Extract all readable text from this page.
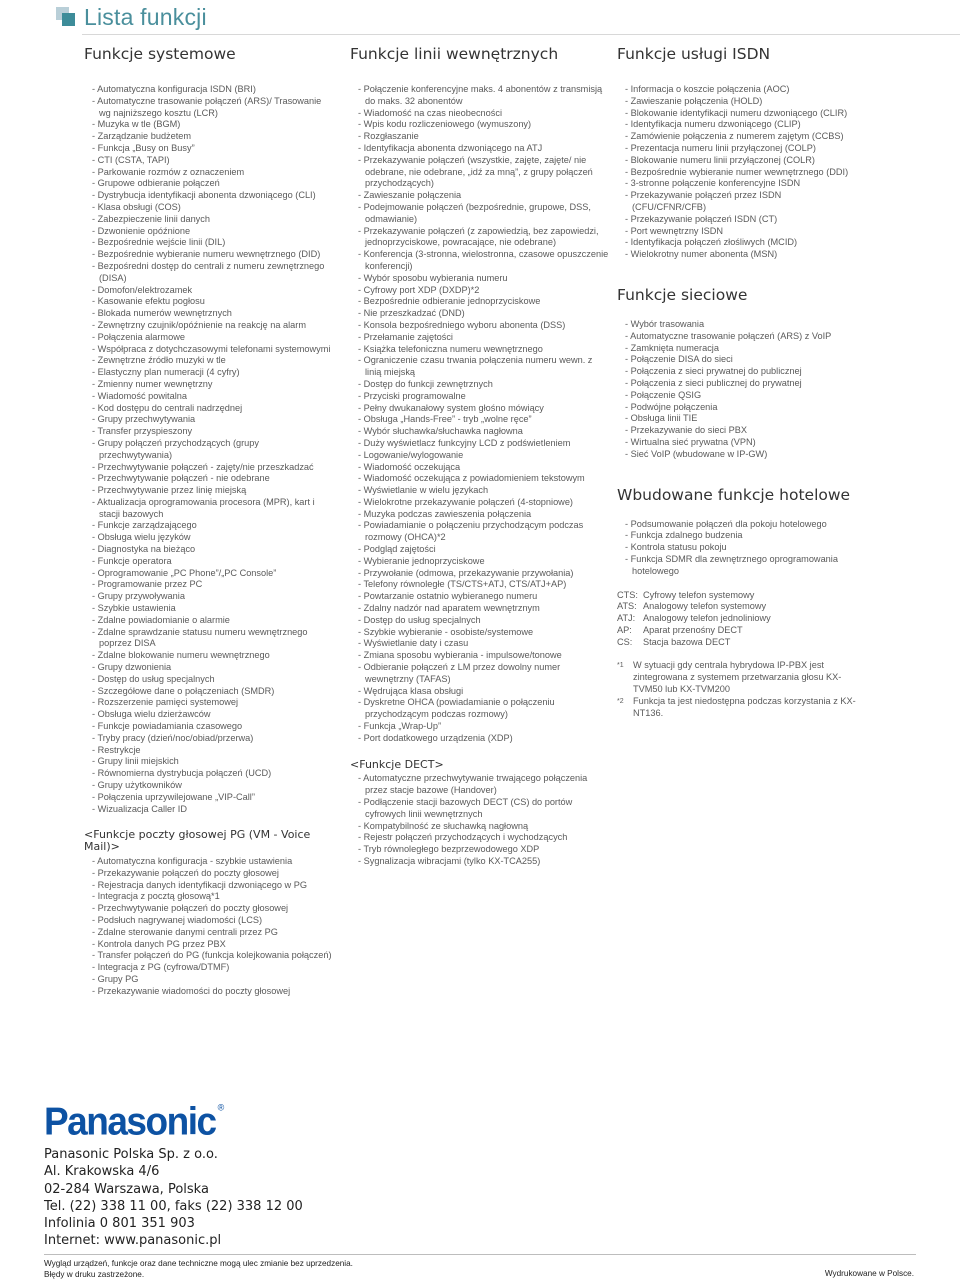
Lista funkcji
Funkcje systemowe
- Automatyczna konfiguracja ISDN (BRI)
- Automatyczne trasowanie połączeń (ARS)/ Trasowanie wg najniższego kosztu (LCR)
- Muzyka w tle (BGM)
- Zarządzanie budżetem
- Funkcja „Busy on Busy”
- CTI (CSTA, TAPI)
- Parkowanie rozmów z oznaczeniem
- Grupowe odbieranie połączeń
- Dystrybucja identyfikacji abonenta dzwoniącego (CLI)
- Klasa obsługi (COS)
- Zabezpieczenie linii danych
- Dzwonienie opóźnione
- Bezpośrednie wejście linii (DIL)
- Bezpośrednie wybieranie numeru wewnętrznego (DID)
- Bezpośredni dostęp do centrali z numeru zewnętrznego (DISA)
- Domofon/elektrozamek
- Kasowanie efektu pogłosu
- Blokada numerów wewnętrznych
- Zewnętrzny czujnik/opóźnienie na reakcję na alarm
- Połączenia alarmowe
- Współpraca z dotychczasowymi telefonami systemowymi
- Zewnętrzne źródło muzyki w tle
- Elastyczny plan numeracji (4 cyfry)
- Zmienny numer wewnętrzny
- Wiadomość powitalna
- Kod dostępu do centrali nadrzędnej
- Grupy przechwytywania
- Transfer przyspieszony
- Grupy połączeń przychodzących (grupy przechwytywania)
- Przechwytywanie połączeń - zajęty/nie przeszkadzać
- Przechwytywanie połączeń - nie odebrane
- Przechwytywanie przez linię miejską
- Aktualizacja oprogramowania procesora (MPR), kart i stacji bazowych
- Funkcje zarządzającego
- Obsługa wielu języków
- Diagnostyka na bieżąco
- Funkcje operatora
- Oprogramowanie „PC Phone”/„PC Console”
- Programowanie przez PC
- Grupy przywoływania
- Szybkie ustawienia
- Zdalne powiadomianie o alarmie
- Zdalne sprawdzanie statusu numeru wewnętrznego poprzez DISA
- Zdalne blokowanie numeru wewnętrznego
- Grupy dzwonienia
- Dostęp do usług specjalnych
- Szczegółowe dane o połączeniach (SMDR)
- Rozszerzenie pamięci systemowej
- Obsługa wielu dzierżawców
- Funkcje powiadamiania czasowego
- Tryby pracy (dzień/noc/obiad/przerwa)
- Restrykcje
- Grupy linii miejskich
- Równomierna dystrybucja połączeń (UCD)
- Grupy użytkowników
- Połączenia uprzywilejowane „VIP-Call”
- Wizualizacja Caller ID
<Funkcje poczty głosowej PG (VM - Voice Mail)>
- Automatyczna konfiguracja - szybkie ustawienia
- Przekazywanie połączeń do poczty głosowej
- Rejestracja danych identyfikacji dzwoniącego w PG
- Integracja z pocztą głosową*1
- Przechwytywanie połączeń do poczty głosowej
- Podsłuch nagrywanej wiadomości (LCS)
- Zdalne sterowanie danymi centrali przez PG
- Kontrola danych PG przez PBX
- Transfer połączeń do PG (funkcja kolejkowania połączeń)
- Integracja z PG (cyfrowa/DTMF)
- Grupy PG
- Przekazywanie wiadomości do poczty głosowej
Funkcje linii wewnętrznych
- Połączenie konferencyjne maks. 4 abonentów z transmisją do maks. 32 abonentów
- Wiadomość na czas nieobecności
- Wpis kodu rozliczeniowego (wymuszony)
- Rozgłaszanie
- Identyfikacja abonenta dzwoniącego na ATJ
- Przekazywanie połączeń (wszystkie, zajęte, zajęte/ nie odebrane, nie odebrane, „idź za mną”, z grupy połączeń przychodzących)
- Zawieszanie połączenia
- Podejmowanie połączeń (bezpośrednie, grupowe, DSS, odmawianie)
- Przekazywanie połączeń (z zapowiedzią, bez zapowiedzi, jednoprzyciskowe, powracające, nie odebrane)
- Konferencja (3-stronna, wielostronna, czasowe opuszczenie konferencji)
- Wybór sposobu wybierania numeru
- Cyfrowy port XDP (DXDP)*2
- Bezpośrednie odbieranie jednoprzyciskowe
- Nie przeszkadzać (DND)
- Konsola bezpośredniego wyboru abonenta (DSS)
- Przełamanie zajętości
- Książka telefoniczna numeru wewnętrznego
- Ograniczenie czasu trwania połączenia numeru wewn. z linią miejską
- Dostęp do funkcji zewnętrznych
- Przyciski programowalne
- Pełny dwukanałowy system głośno mówiący
- Obsługa „Hands-Free” - tryb „wolne ręce”
- Wybór słuchawka/słuchawka nagłowna
- Duży wyświetlacz funkcyjny LCD z podświetleniem
- Logowanie/wylogowanie
- Wiadomość oczekująca
- Wiadomość oczekująca z powiadomieniem tekstowym
- Wyświetlanie w wielu językach
- Wielokrotne przekazywanie połączeń (4-stopniowe)
- Muzyka podczas zawieszenia połączenia
- Powiadamianie o połączeniu przychodzącym podczas rozmowy (OHCA)*2
- Podgląd zajętości
- Wybieranie jednoprzyciskowe
- Przywołanie (odmowa, przekazywanie przywołania)
- Telefony równoległe (TS/CTS+ATJ, CTS/ATJ+AP)
- Powtarzanie ostatnio wybieranego numeru
- Zdalny nadzór nad aparatem wewnętrznym
- Dostęp do usług specjalnych
- Szybkie wybieranie - osobiste/systemowe
- Wyświetlanie daty i czasu
- Zmiana sposobu wybierania - impulsowe/tonowe
- Odbieranie połączeń z LM przez dowolny numer wewnętrzny (TAFAS)
- Wędrująca klasa obsługi
- Dyskretne OHCA (powiadamianie o połączeniu przychodzącym podczas rozmowy)
- Funkcja „Wrap-Up”
- Port dodatkowego urządzenia (XDP)
<Funkcje DECT>
- Automatyczne przechwytywanie trwającego połączenia przez stacje bazowe (Handover)
- Podłączenie stacji bazowych DECT (CS) do portów cyfrowych linii wewnętrznych
- Kompatybilność ze słuchawką nagłowną
- Rejestr połączeń przychodzących i wychodzących
- Tryb równoległego bezprzewodowego XDP
- Sygnalizacja wibracjami (tylko KX-TCA255)
Funkcje usługi ISDN
- Informacja o koszcie połączenia (AOC)
- Zawieszanie połączenia (HOLD)
- Blokowanie identyfikacji numeru dzwoniącego (CLIR)
- Identyfikacja numeru dzwoniącego (CLIP)
- Zamówienie połączenia z numerem zajętym (CCBS)
- Prezentacja numeru linii przyłączonej (COLP)
- Blokowanie numeru linii przyłączonej (COLR)
- Bezpośrednie wybieranie numer wewnętrznego (DDI)
- 3-stronne połączenie konferencyjne ISDN
- Przekazywanie połączeń przez ISDN (CFU/CFNR/CFB)
- Przekazywanie połączeń ISDN (CT)
- Port wewnętrzny ISDN
- Identyfikacja połączeń złośliwych (MCID)
- Wielokrotny numer abonenta (MSN)
Funkcje sieciowe
- Wybór trasowania
- Automatyczne trasowanie połączeń (ARS) z VoIP
- Zamknięta numeracja
- Połączenie DISA do sieci
- Połączenia z sieci prywatnej do publicznej
- Połączenia z sieci publicznej do prywatnej
- Połączenie QSIG
- Podwójne połączenia
- Obsługa linii TIE
- Przekazywanie do sieci PBX
- Wirtualna sieć prywatna (VPN)
- Sieć VoIP (wbudowane w IP-GW)
Wbudowane funkcje hotelowe
- Podsumowanie połączeń dla pokoju hotelowego
- Funkcja zdalnego budzenia
- Kontrola statusu pokoju
- Funkcja SDMR dla zewnętrznego oprogramowania hotelowego
CTS: Cyfrowy telefon systemowy
ATS: Analogowy telefon systemowy
ATJ: Analogowy telefon jednoliniowy
AP:	Aparat przenośny DECT
CS:	Stacja bazowa DECT
*1	W sytuacji gdy centrala hybrydowa IP-PBX jest zintegrowana z systemem przetwarzania głosu KX-TVM50 lub KX-TVM200
*2	Funkcja ta jest niedostępna podczas korzystania z KX-NT136.
Panasonic ®
Panasonic Polska Sp. z o.o.
Al. Krakowska 4/6
02-284 Warszawa, Polska
Tel. (22) 338 11 00, faks (22) 338 12 00
Infolinia 0 801 351 903
Internet: www.panasonic.pl
Wygląd urządzeń, funkcje oraz dane techniczne mogą ulec zmianie bez uprzedzenia.
Błędy w druku zastrzeżone.	Wydrukowane w Polsce.
